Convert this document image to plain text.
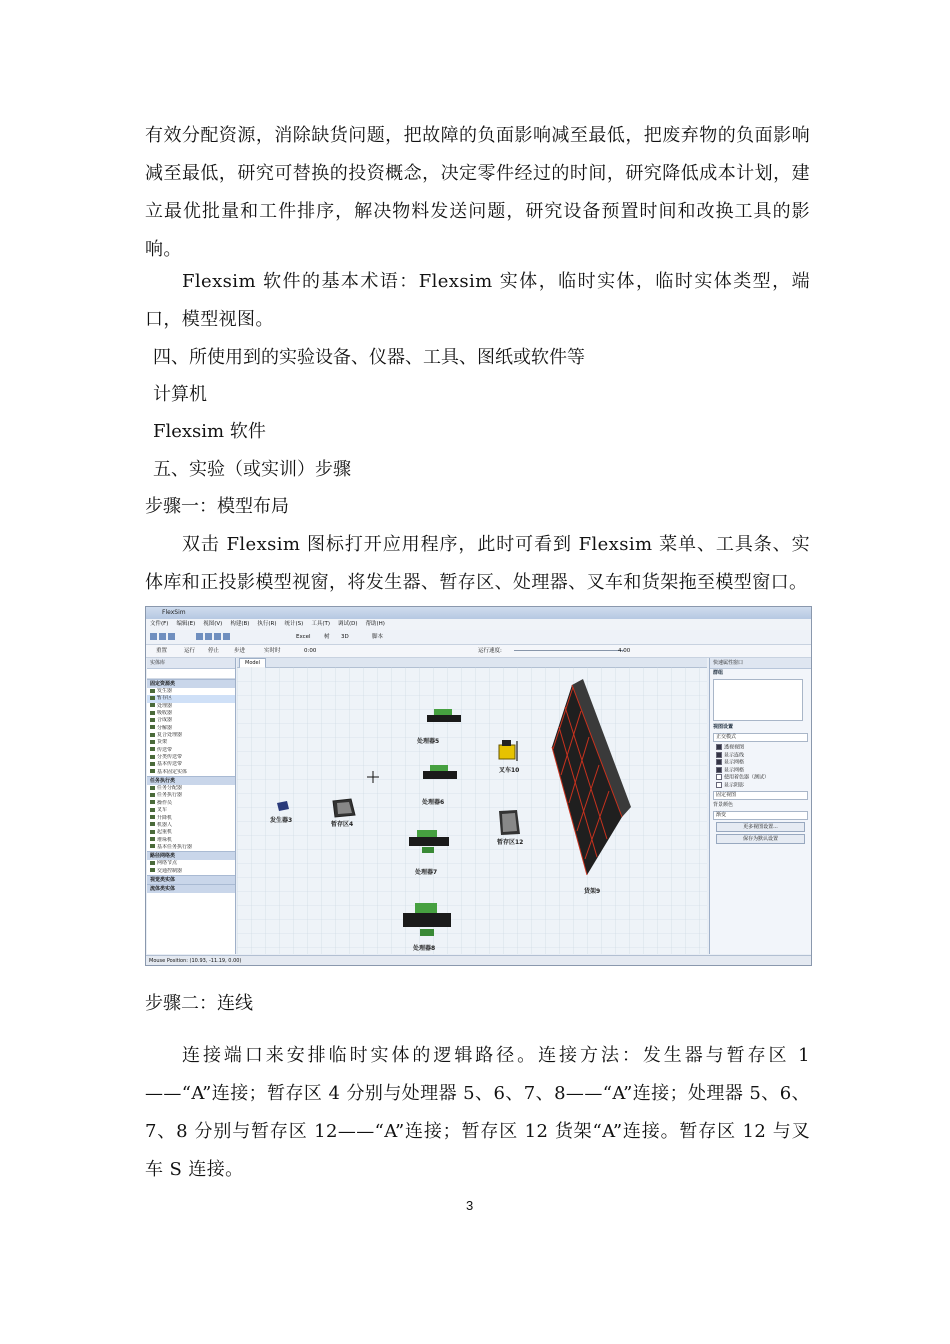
有效分配资源，消除缺货问题，把故障的负面影响减至最低，把废弃物的负面影响减至最低，研究可替换的投资概念，决定零件经过的时间，研究降低成本计划，建立最优批量和工件排序，解决物料发送问题，研究设备预置时间和改换工具的影响。

Flexsim 软件的基本术语：Flexsim 实体，临时实体，临时实体类型，端口，模型视图。

四、所使用到的实验设备、仪器、工具、图纸或软件等
计算机
Flexsim 软件
五、实验（或实训）步骤
步骤一：模型布局

双击 Flexsim 图标打开应用程序，此时可看到 Flexsim 菜单、工具条、实体库和正投影模型视窗，将发生器、暂存区、处理器、叉车和货架拖至模型窗口。

FlexSim
文件(F) 编辑(E) 视图(V) 构建(B) 执行(R) 统计(S) 工具(T) 调试(D) 帮助(H)
Excel 树 3D	脚本
重置	运行 停止	步进	实时时	0:00	运行速度:	4.00
实体库
固定资源类
发生器
暂存区
处理器
吸收器
合成器
分解器
复合处理器
货架
传送带
分类传送带
基本传送带
基本固定实体
任务执行类
任务分配器
任务执行器
操作员
叉车
升降机
机器人
起重机
堆垛机
基本任务执行器
路径网络类
网络节点
交通控制器
视觉类实体
流体类实体
Model
发生器3
暂存区4
处理器5
处理器6
处理器7
处理器8
叉车10
暂存区12
货架9
快速属性窗口
群组
视图设置
正交模式
透视视图
显示连线
显示网格
显示网格
使用着色器（测试）
显示阴影
固定视图
背景颜色
渐变
更多视图设置...
保存为默认设置
Mouse Position: (10.93, -11.19, 0.00)
步骤二：连线

连接端口来安排临时实体的逻辑路径。连接方法：发生器与暂存区 1——“A”连接；暂存区 4 分别与处理器 5、6、7、8——“A”连接；处理器 5、6、7、8 分别与暂存区 12——“A”连接；暂存区 12 货架“A”连接。暂存区 12 与叉车 S 连接。

3
